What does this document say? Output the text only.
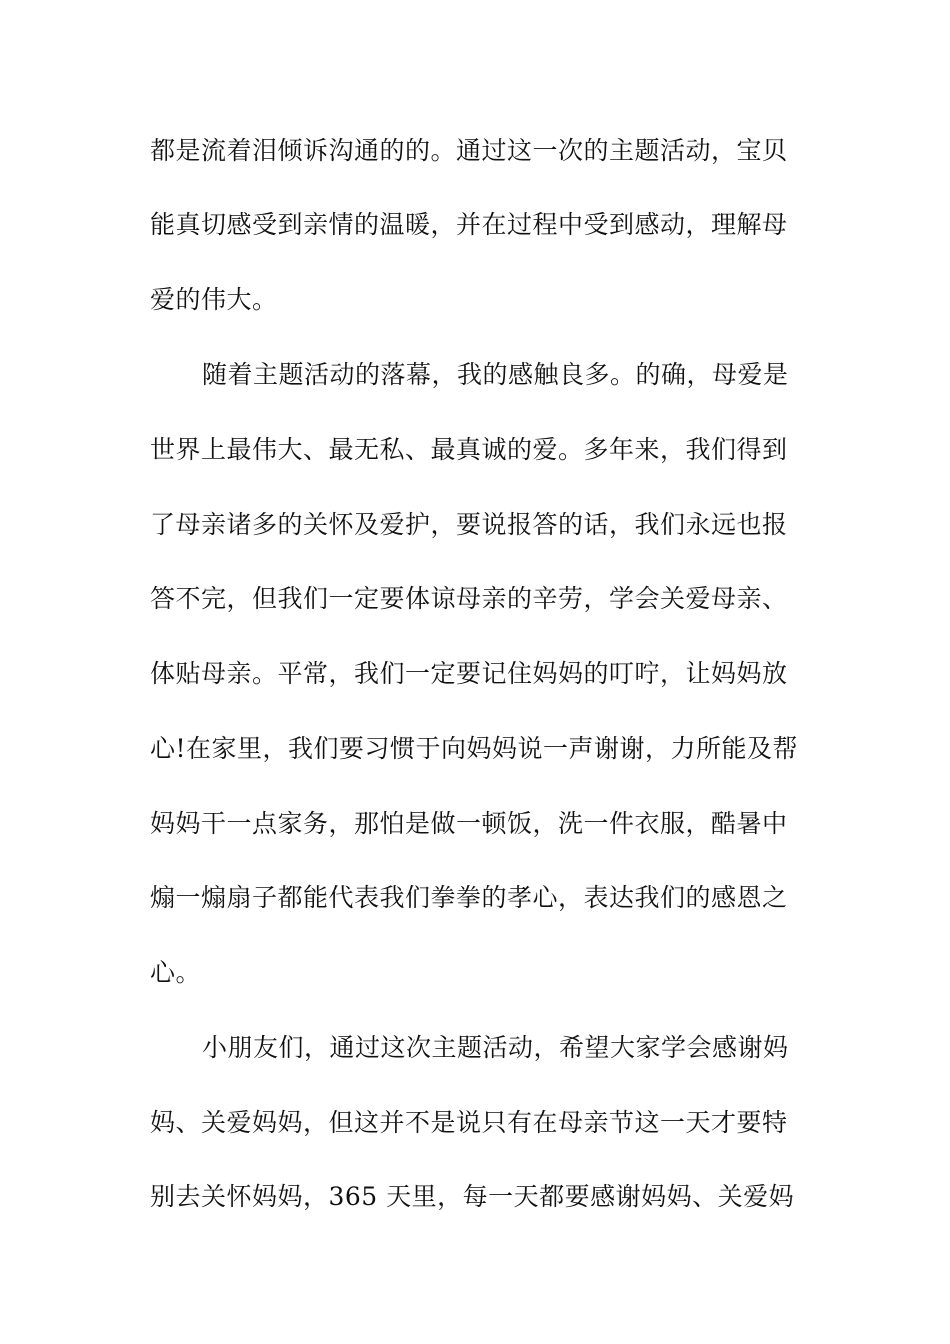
都是流着泪倾诉沟通的的。通过这一次的主题活动，宝贝
能真切感受到亲情的温暖，并在过程中受到感动，理解母
爱的伟大。
随着主题活动的落幕，我的感触良多。的确，母爱是
世界上最伟大、最无私、最真诚的爱。多年来，我们得到
了母亲诸多的关怀及爱护，要说报答的话，我们永远也报
答不完，但我们一定要体谅母亲的辛劳，学会关爱母亲、
体贴母亲。平常，我们一定要记住妈妈的叮咛，让妈妈放
心!在家里，我们要习惯于向妈妈说一声谢谢，力所能及帮
妈妈干一点家务，那怕是做一顿饭，洗一件衣服，酷暑中
煽一煽扇子都能代表我们拳拳的孝心，表达我们的感恩之
心。
小朋友们，通过这次主题活动，希望大家学会感谢妈
妈、关爱妈妈，但这并不是说只有在母亲节这一天才要特
别去关怀妈妈，365 天里，每一天都要感谢妈妈、关爱妈
